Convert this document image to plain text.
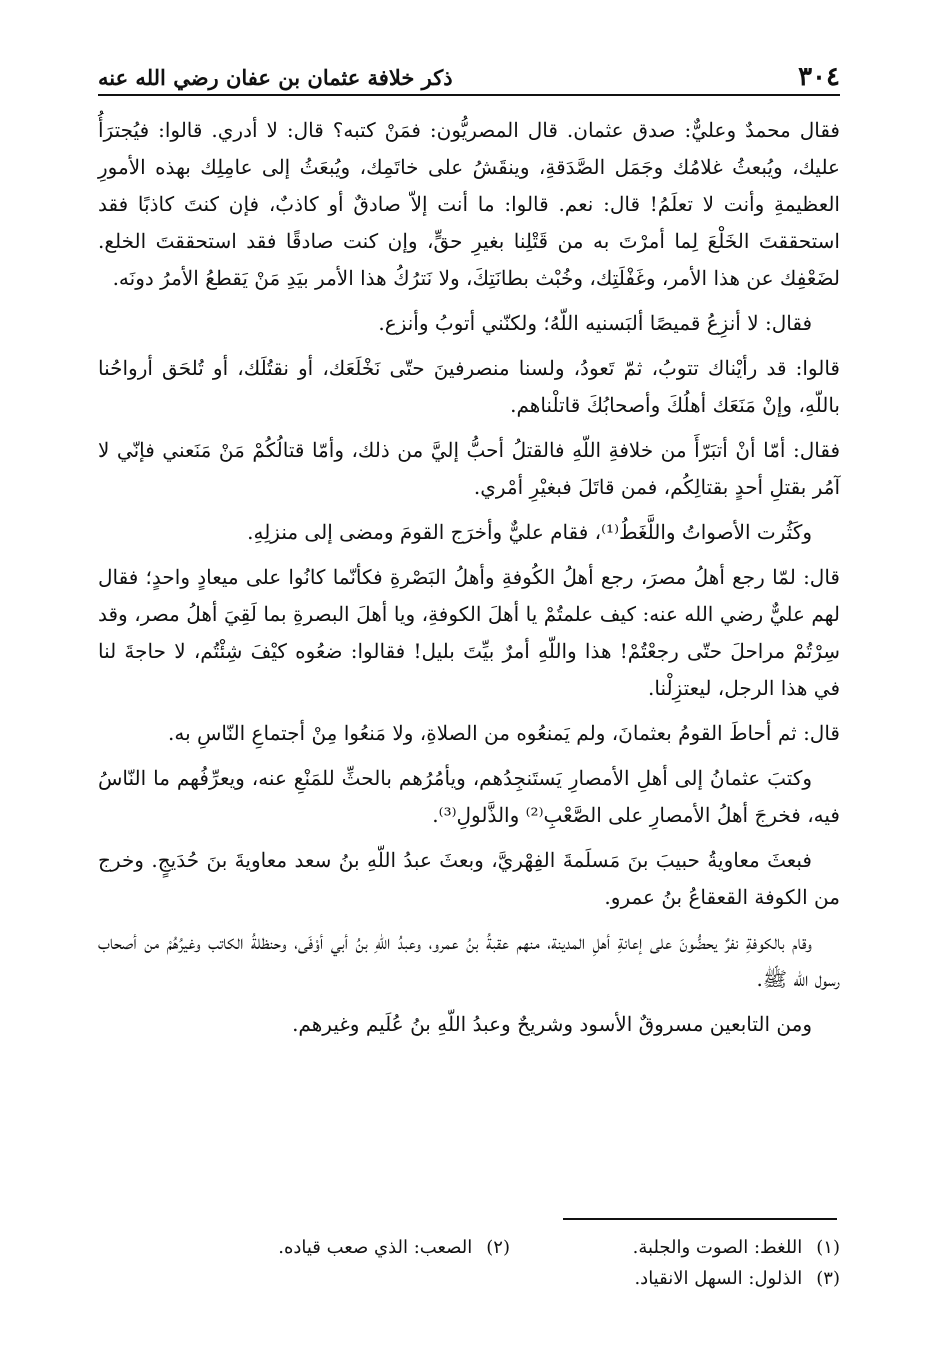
٣٠٤
ذكر خلافة عثمان بن عفان رضي الله عنه

فقال محمدٌ وعليٌّ: صدق عثمان. قال المصريُّون: فمَنْ كتبه؟ قال: لا أدري. قالوا: فيُجترَأُ عليك، ويُبعثُ غلامُك وجَمَل الصَّدَقةِ، وينقَشُ على خاتَمِك، ويُبعَثُ إلى عامِلِك بهذه الأمورِ العظيمةِ وأنت لا تعلَمُ! قال: نعم. قالوا: ما أنت إلاّ صادقٌ أو كاذبٌ، فإن كنتَ كاذبًا فقد استحققتَ الخَلْعَ لِما أمرْتَ به من قَتْلِنا بغيرِ حقٍّ، وإن كنت صادقًا فقد استحققتَ الخلع. لضَعْفِك عن هذا الأمر، وغَفْلَتِك، وخُبْث بطانَتِكَ، ولا نَترُكُ هذا الأمر بيَدِ مَنْ يَقطعُ الأمرُ دونَه.

فقال: لا أنزِعُ قميصًا ألبَسنيه اللّهُ؛ ولكنّني أتوبُ وأنزع.

قالوا: قد رأيْناك تتوبُ، ثمّ تَعودُ، ولسنا منصرفينَ حتّى نَخْلَعَك، أو نقتُلَك، أو تُلحَق أرواحُنا باللّهِ، وإنْ مَنَعَك أهلُكَ وأصحابُكَ قاتلْناهم.

فقال: أمّا أنْ أتبَرّأَ من خلافةِ اللّهِ فالقتلُ أحبُّ إليَّ من ذلك، وأمّا قتالُكُمْ مَنْ مَنَعني فإنّي لا آمُر بقتلِ أحدٍ بقتالِكُم، فمن قاتَلَ فبغيْرِ أمْري.

وكَثُرت الأصواتُ واللَّغَطُ⁽¹⁾، فقام عليٌّ وأخرَج القومَ ومضى إلى منزلِهِ.

قال: لمّا رجع أهلُ مصرَ، رجع أهلُ الكُوفةِ وأهلُ البَصْرةِ فكأنّما كانُوا على ميعادٍ واحدٍ؛ فقال لهم عليٌّ رضي الله عنه: كيف علمتُمْ يا أهلَ الكوفةِ، ويا أهلَ البصرةِ بما لَقِيَ أهلُ مصر، وقد سِرْتُمْ مراحلَ حتّى رجعْتُمْ! هذا واللّهِ أمرٌ بيِّتَ بليل! فقالوا: ضعُوه كيْفَ شِئْتُم، لا حاجةَ لنا في هذا الرجل، ليعتزِلْنا.

قال: ثم أحاطَ القومُ بعثمانَ، ولم يَمنعُوه من الصلاةِ، ولا مَنعُوا مِنْ أجتماعِ النّاسِ به.

وكتبَ عثمانُ إلى أهلِ الأمصارِ يَستَنجِدُهم، ويأمُرُهم بالحثِّ للمَنْعِ عنه، ويعرِّفُهم ما النّاسُ فيه، فخرجَ أهلُ الأمصارِ على الصَّعْبِ⁽²⁾ والذَّلولِ⁽³⁾.

فبعثَ معاويةُ حبيبَ بنَ مَسلَمةَ الفِهْريَّ، وبعثَ عبدُ اللّهِ بنُ سعد معاويةَ بنَ حُدَيجٍ. وخرج من الكوفة القعقاعُ بنُ عمرو.

وقام بالكوفةِ نفرٌ يحضُّونَ على إعانةِ أهلِ المدينة، منهم عقبةُ بنُ عمرو، وعبدُ اللّهِ بنُ أبي أوْفَى، وحنظلةُ الكاتب وغيرُهُمْ من أصحاب رسول الله ﷺ.

ومن التابعين مسروقٌ الأسود وشريحٌ وعبدُ اللّهِ بنُ عُلَيم وغيرهم.

(١)اللغط: الصوت والجلبة.
(٢)الصعب: الذي صعب قياده.
(٣)الذلول: السهل الانقياد.
